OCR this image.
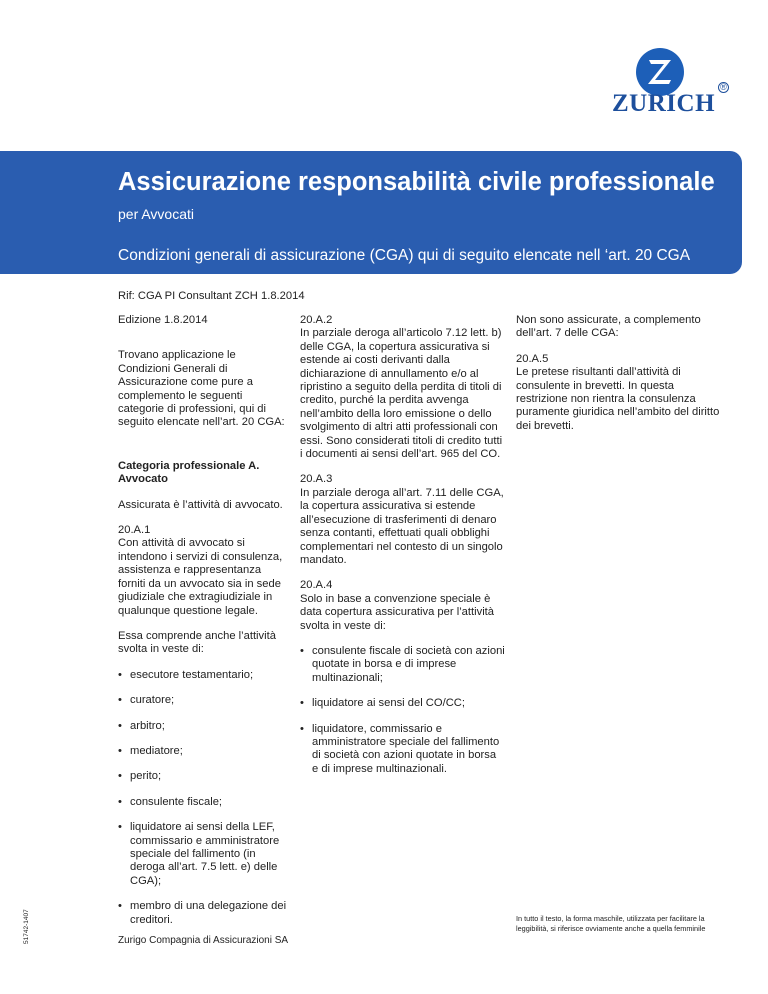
ZURICH
®
Assicurazione responsabilità civile professionale
per Avvocati
Condizioni generali di assicurazione (CGA) qui di seguito elencate nell ‘art. 20 CGA
Rif: CGA PI Consultant ZCH 1.8.2014

Edizione 1.8.2014

Trovano applicazione le Condizioni Generali di Assicurazione come pure a complemento le seguenti categorie di professioni, qui di seguito elencate nell’art. 20 CGA:

Categoria professionale A. Avvocato

Assicurata è l’attività di avvocato.

20.A.1
Con attività di avvocato si intendono i servizi di consulenza, assistenza e rappresentanza forniti da un avvocato sia in sede giudiziale che extragiudiziale in qualunque questione legale.

Essa comprende anche l’attività svolta in veste di:

• esecutore testamentario;
• curatore;
• arbitro;
• mediatore;
• perito;
• consulente fiscale;
• liquidatore ai sensi della LEF, commissario e amministratore speciale del fallimento (in deroga all’art. 7.5 lett. e) delle CGA);
• membro di una delegazione dei creditori.

20.A.2
In parziale deroga all’articolo 7.12 lett. b) delle CGA, la copertura assicurativa si estende ai costi derivanti dalla dichiarazione di annullamento e/o al ripristino a seguito della perdita di titoli di credito, purché la perdita avvenga nell’ambito della loro emissione o dello svolgimento di altri atti professionali con essi. Sono considerati titoli di credito tutti i documenti ai sensi dell’art. 965 del CO.

20.A.3
In parziale deroga all’art. 7.11 delle CGA, la copertura assicurativa si estende all’esecuzione di trasferimenti di denaro senza contanti, effettuati quali obblighi complementari nel contesto di un singolo mandato.

20.A.4
Solo in base a convenzione speciale è data copertura assicurativa per l’attività svolta in veste di:

• consulente fiscale di società con azioni quotate in borsa e di imprese multinazionali;
• liquidatore ai sensi del CO/CC;
• liquidatore, commissario e amministratore speciale del fallimento di società con azioni quotate in borsa e di imprese multinazionali.

Non sono assicurate, a complemento dell’art. 7 delle CGA:

20.A.5
Le pretese risultanti dall’attività di consulente in brevetti. In questa restrizione non rientra la consulenza puramente giuridica nell’ambito del diritto dei brevetti.

Zurigo Compagnia di Assicurazioni SA
In tutto il testo, la forma maschile, utilizzata per facilitare la leggibilità, si riferisce ovviamente anche a quella femminile
51742-1407
